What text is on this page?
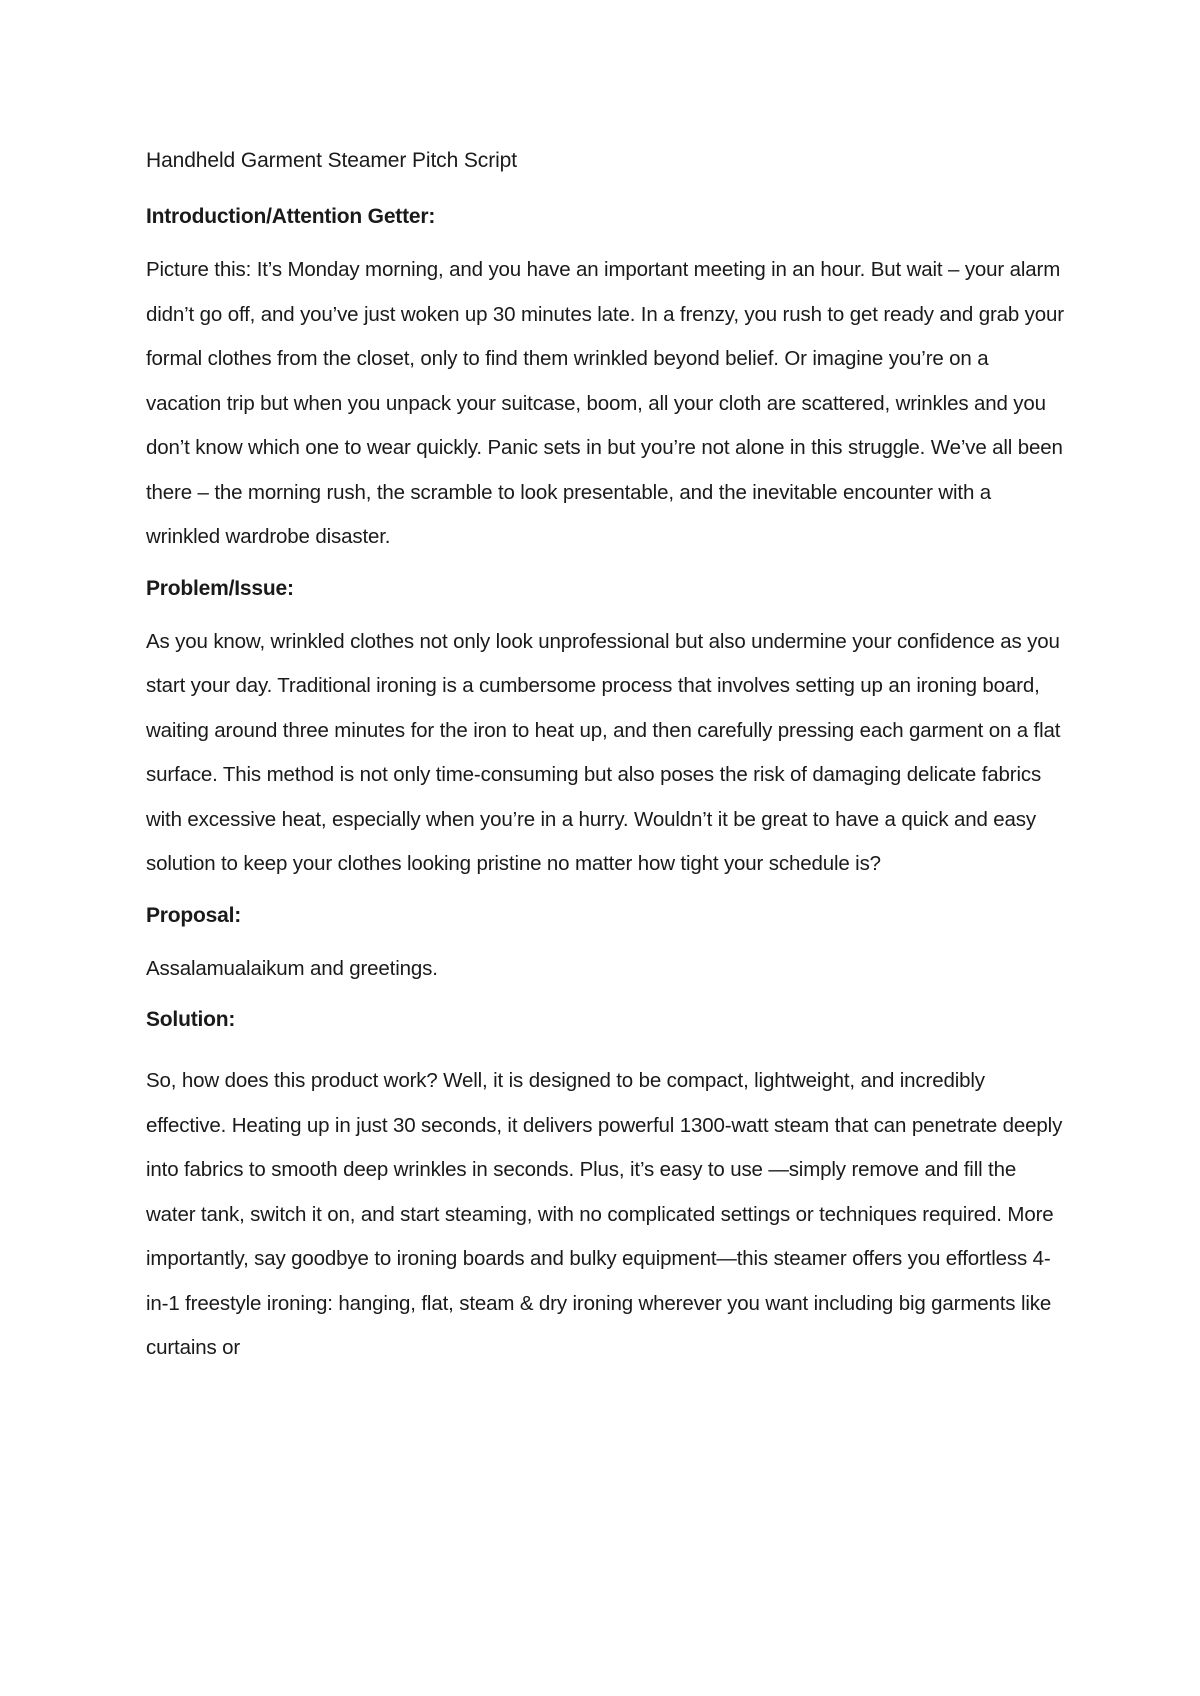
Handheld Garment Steamer Pitch Script

Introduction/Attention Getter:

Picture this: It’s Monday morning, and you have an important meeting in an hour. But wait – your alarm didn’t go off, and you’ve just woken up 30 minutes late. In a frenzy, you rush to get ready and grab your formal clothes from the closet, only to find them wrinkled beyond belief. Or imagine you’re on a vacation trip but when you unpack your suitcase, boom, all your cloth are scattered, wrinkles and you don’t know which one to wear quickly. Panic sets in but you’re not alone in this struggle. We’ve all been there – the morning rush, the scramble to look presentable, and the inevitable encounter with a wrinkled wardrobe disaster.

Problem/Issue:

As you know, wrinkled clothes not only look unprofessional but also undermine your confidence as you start your day. Traditional ironing is a cumbersome process that involves setting up an ironing board, waiting around three minutes for the iron to heat up, and then carefully pressing each garment on a flat surface. This method is not only time-consuming but also poses the risk of damaging delicate fabrics with excessive heat, especially when you’re in a hurry. Wouldn’t it be great to have a quick and easy solution to keep your clothes looking pristine no matter how tight your schedule is?

Proposal:

Assalamualaikum and greetings.

Solution:

So, how does this product work? Well, it is designed to be compact, lightweight, and incredibly effective. Heating up in just 30 seconds, it delivers powerful 1300-watt steam that can penetrate deeply into fabrics to smooth deep wrinkles in seconds. Plus, it’s easy to use —simply remove and fill the water tank, switch it on, and start steaming, with no complicated settings or techniques required. More importantly, say goodbye to ironing boards and bulky equipment—this steamer offers you effortless 4-in-1 freestyle ironing: hanging, flat, steam & dry ironing wherever you want including big garments like curtains or
